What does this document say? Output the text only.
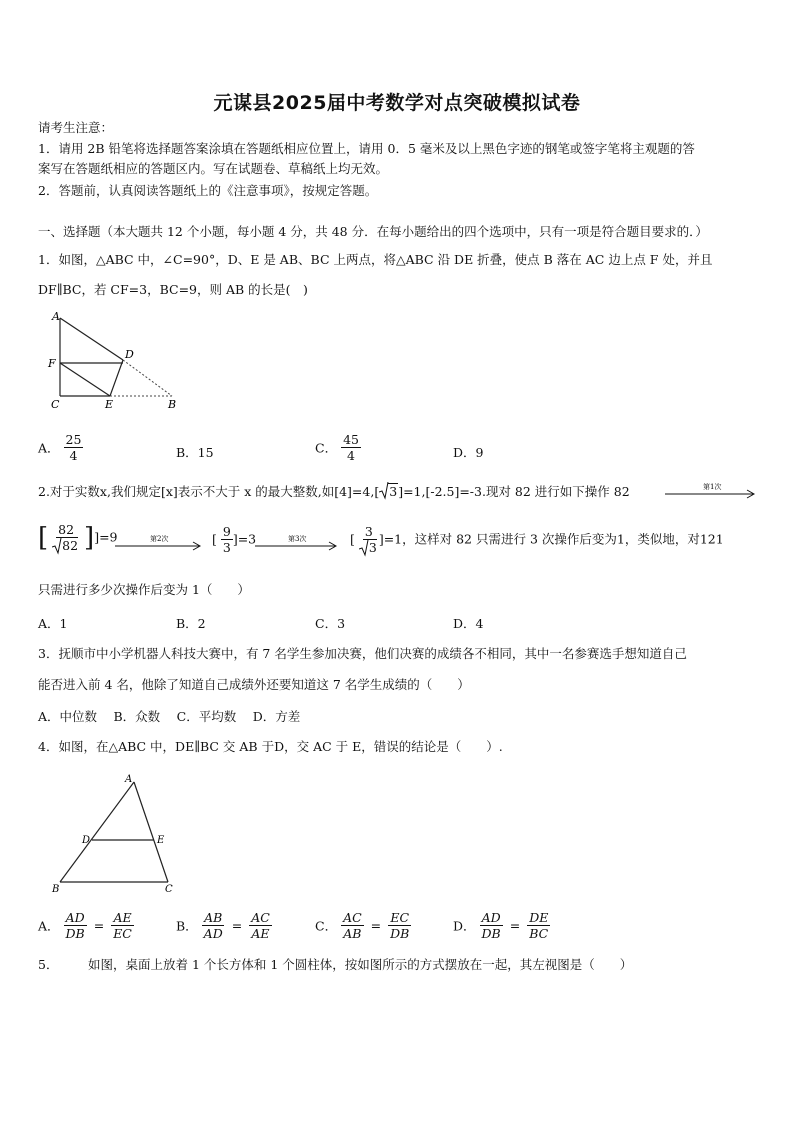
元谋县2025届中考数学对点突破模拟试卷
请考生注意：
1．请用 2B 铅笔将选择题答案涂填在答题纸相应位置上，请用 0．5 毫米及以上黑色字迹的钢笔或签字笔将主观题的答
案写在答题纸相应的答题区内。写在试题卷、草稿纸上均无效。
2．答题前，认真阅读答题纸上的《注意事项》，按规定答题。
一、选择题（本大题共 12 个小题，每小题 4 分，共 48 分．在每小题给出的四个选项中，只有一项是符合题目要求的．）
1．如图，△ABC 中，∠C=90°，D、E 是 AB、BC 上两点，将△ABC 沿 DE 折叠，使点 B 落在 AC 边上点 F 处，并且
DF∥BC，若 CF=3，BC=9，则 AB 的长是(　)
A
D
F
C	E	B
A． $\frac{25}{4}$	B．15	C． $\frac{45}{4}$	D．9
2.对于实数x,我们规定[x]表示不大于 x 的最大整数,如[4]=4,[ 3]=1,[-2.5]=-3.现对 82 进行如下操作 82	第1次
[ $\frac{82}{82} ]]=9$	第2次	[ $\frac{9}{3} ]=3$	第3次	[ $\frac{3}{3} ]=1$，这样对 82 只需进行 3 次操作后变为1，类似地，对121
只需进行多少次操作后变为 1（　　）
A．1	B．2	C．3	D．4
3．抚顺市中小学机器人科技大赛中，有 7 名学生参加决赛，他们决赛的成绩各不相同，其中一名参赛选手想知道自己
能否进入前 4 名，他除了知道自己成绩外还要知道这 7 名学生成绩的（　　）
A．中位数　 B．众数　 C．平均数　 D．方差
4．如图，在△ABC 中，DE∥BC 交 AB 于D，交 AC 于 E，错误的结论是（　　）.
A
D	E
B	C
A． $\frac{AD}{DB} = \frac{AE}{EC}$	B． $\frac{AB}{AD} = \frac{AC}{AE}$	C． $\frac{AC}{AB} = \frac{EC}{DB}$	D． $\frac{AD}{DB} = \frac{DE}{BC}$
5． 如图，桌面上放着 1 个长方体和 1 个圆柱体，按如图所示的方式摆放在一起，其左视图是（　　）
